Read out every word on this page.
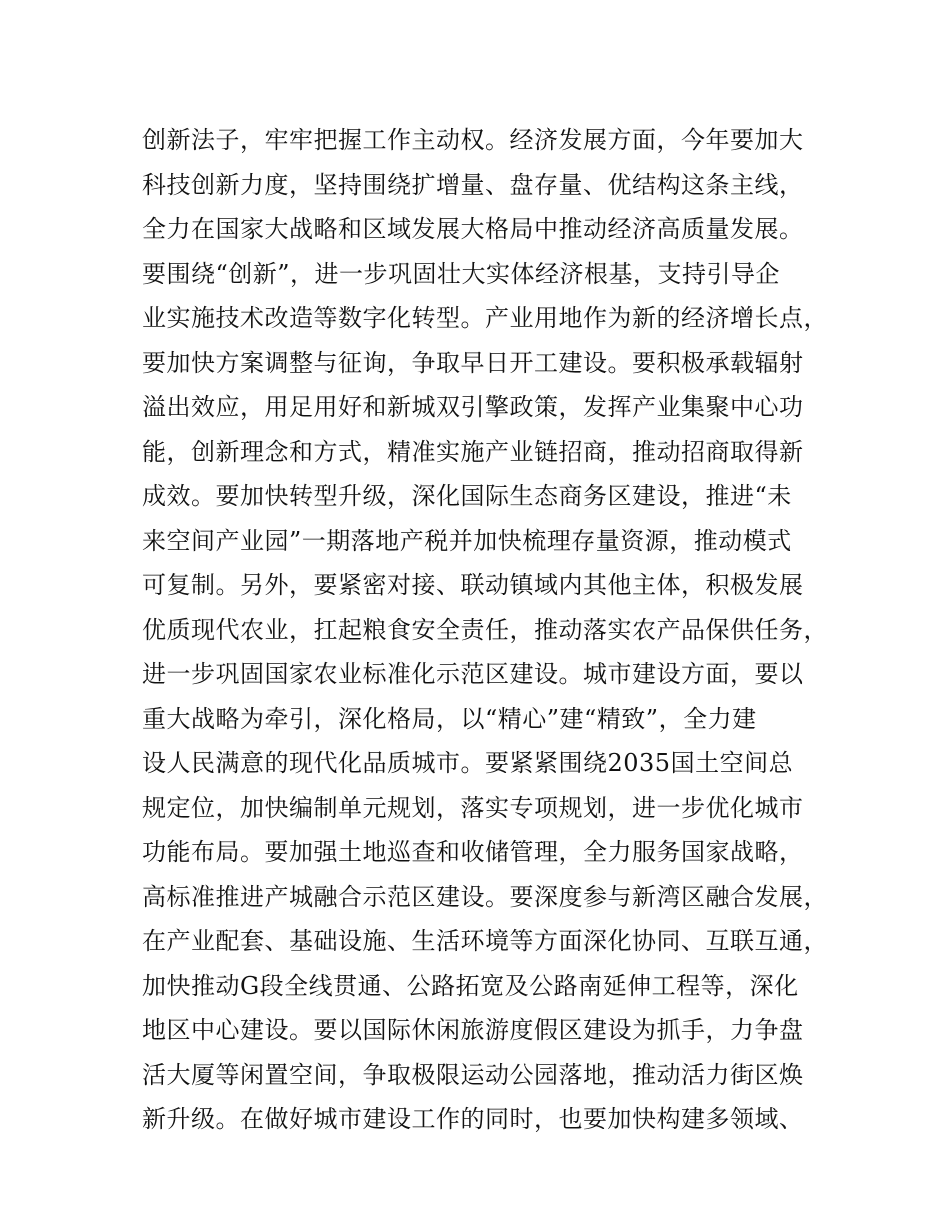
创新法子，牢牢把握工作主动权。经济发展方面，今年要加大
科技创新力度，坚持围绕扩增量、盘存量、优结构这条主线，
全力在国家大战略和区域发展大格局中推动经济高质量发展。
要围绕“创新”，进一步巩固壮大实体经济根基，支持引导企
业实施技术改造等数字化转型。产业用地作为新的经济增长点，
要加快方案调整与征询，争取早日开工建设。要积极承载辐射
溢出效应，用足用好和新城双引擎政策，发挥产业集聚中心功
能，创新理念和方式，精准实施产业链招商，推动招商取得新
成效。要加快转型升级，深化国际生态商务区建设，推进“未
来空间产业园”一期落地产税并加快梳理存量资源，推动模式
可复制。另外，要紧密对接、联动镇域内其他主体，积极发展
优质现代农业，扛起粮食安全责任，推动落实农产品保供任务，
进一步巩固国家农业标准化示范区建设。城市建设方面，要以
重大战略为牵引，深化格局，以“精心”建“精致”，全力建
设人民满意的现代化品质城市。要紧紧围绕2035国土空间总
规定位，加快编制单元规划，落实专项规划，进一步优化城市
功能布局。要加强土地巡查和收储管理，全力服务国家战略，
高标准推进产城融合示范区建设。要深度参与新湾区融合发展，
在产业配套、基础设施、生活环境等方面深化协同、互联互通，
加快推动G段全线贯通、公路拓宽及公路南延伸工程等，深化
地区中心建设。要以国际休闲旅游度假区建设为抓手，力争盘
活大厦等闲置空间，争取极限运动公园落地，推动活力街区焕
新升级。在做好城市建设工作的同时，也要加快构建多领域、
